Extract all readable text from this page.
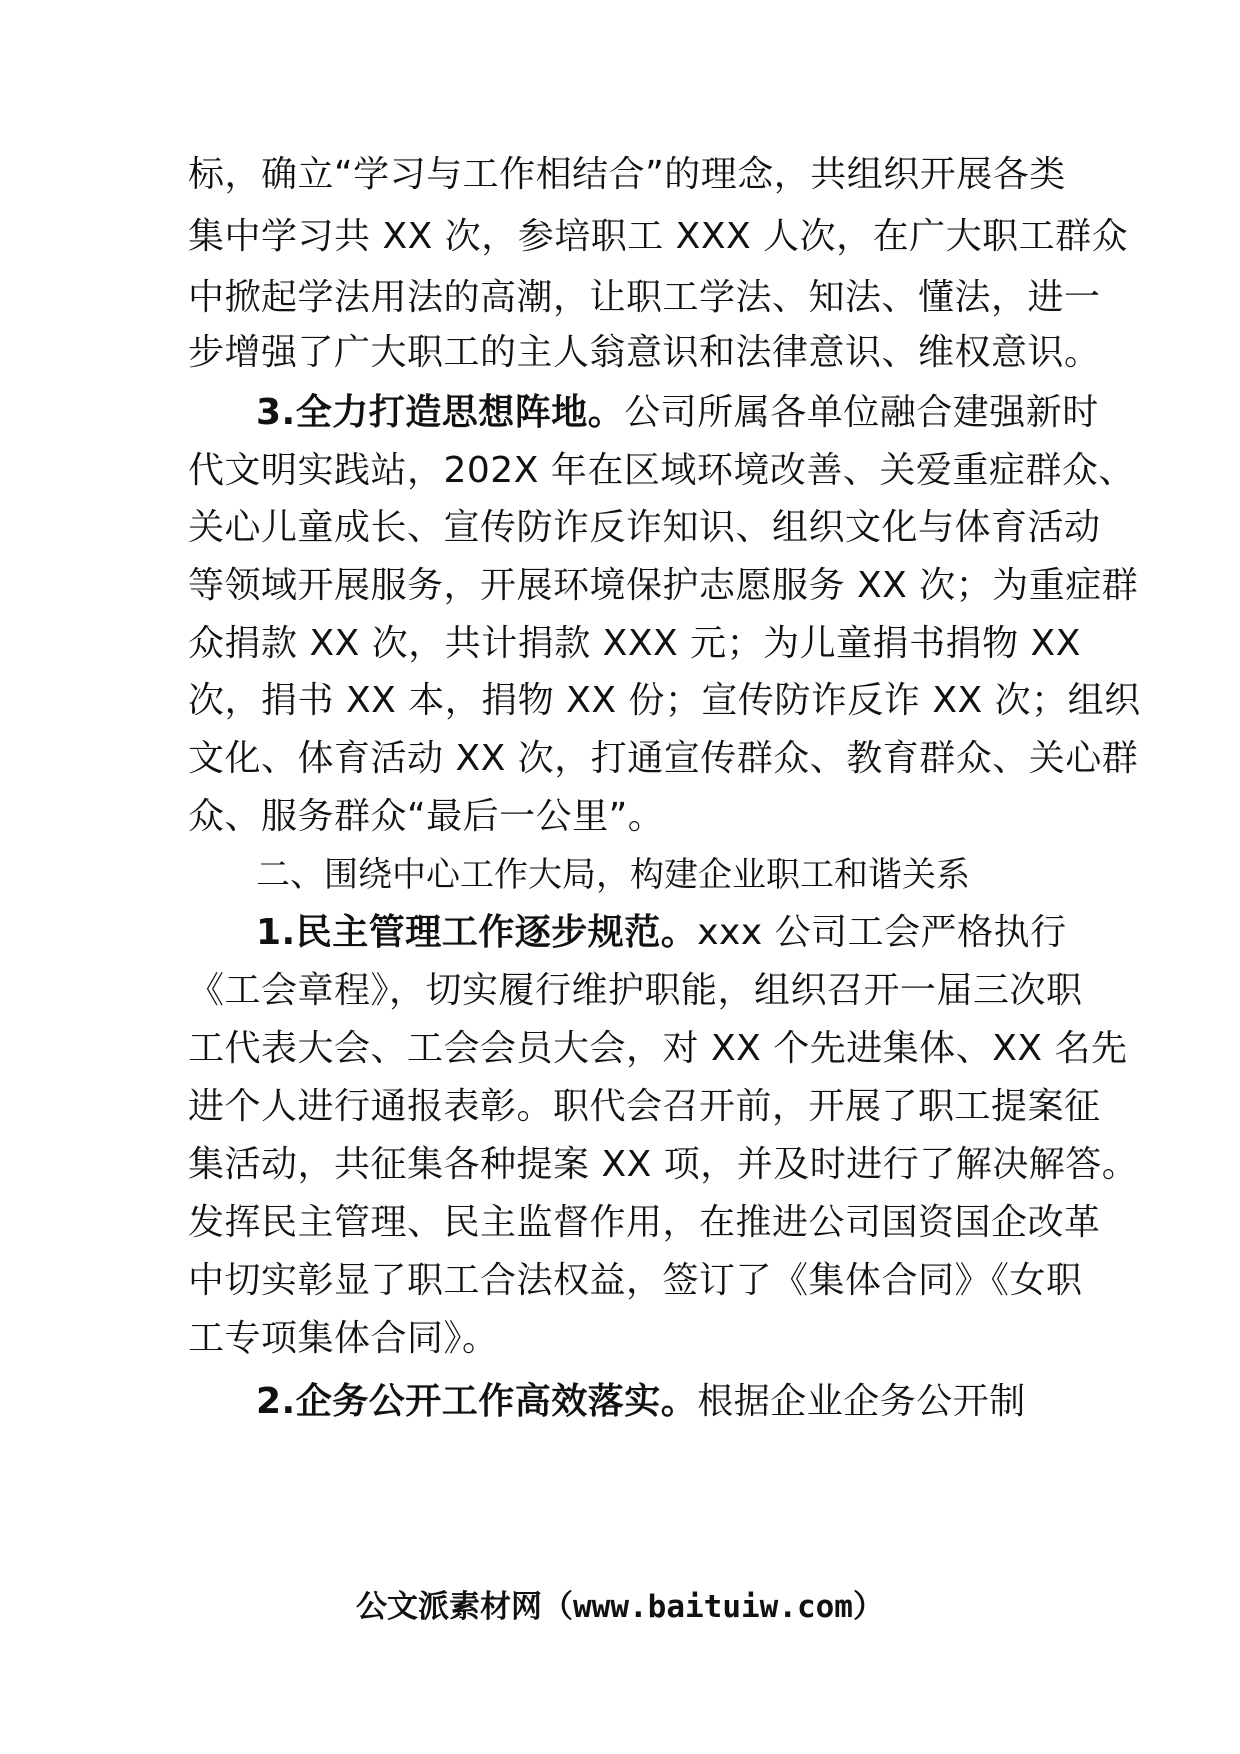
标，确立“学习与工作相结合”的理念，共组织开展各类
集中学习共 XX 次，参培职工 XXX 人次，在广大职工群众
中掀起学法用法的高潮，让职工学法、知法、懂法，进一
步增强了广大职工的主人翁意识和法律意识、维权意识。
3.全力打造思想阵地。公司所属各单位融合建强新时
代文明实践站，202X 年在区域环境改善、关爱重症群众、
关心儿童成长、宣传防诈反诈知识、组织文化与体育活动
等领域开展服务，开展环境保护志愿服务 XX 次；为重症群
众捐款 XX 次，共计捐款 XXX 元；为儿童捐书捐物 XX
次，捐书 XX 本，捐物 XX 份；宣传防诈反诈 XX 次；组织
文化、体育活动 XX 次，打通宣传群众、教育群众、关心群
众、服务群众“最后一公里”。
二、围绕中心工作大局，构建企业职工和谐关系
1.民主管理工作逐步规范。xxx 公司工会严格执行
《工会章程》，切实履行维护职能，组织召开一届三次职
工代表大会、工会会员大会，对 XX 个先进集体、XX 名先
进个人进行通报表彰。职代会召开前，开展了职工提案征
集活动，共征集各种提案 XX 项，并及时进行了解决解答。
发挥民主管理、民主监督作用，在推进公司国资国企改革
中切实彰显了职工合法权益，签订了《集体合同》《女职
工专项集体合同》。
2.企务公开工作高效落实。根据企业企务公开制
公文派素材网（www.baituiw.com）
